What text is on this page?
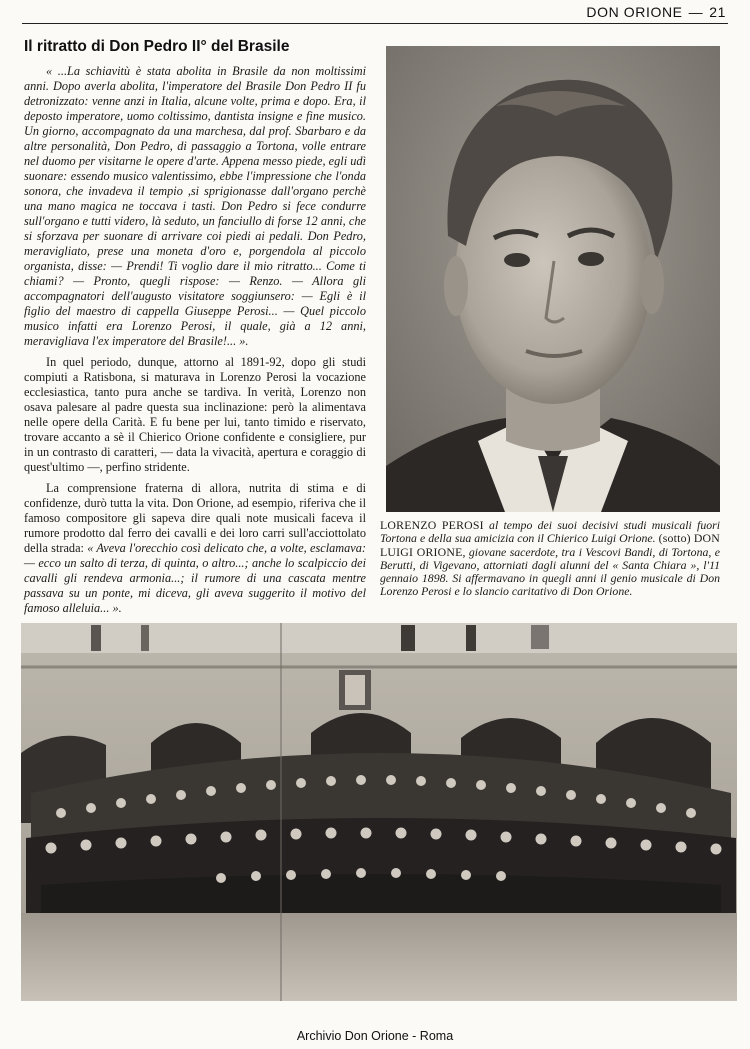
DON ORIONE — 21
Il ritratto di Don Pedro II° del Brasile

« ...La schiavitù è stata abolita in Brasile da non moltissimi anni. Dopo averla abolita, l'imperatore del Brasile Don Pedro II fu detronizzato: venne anzi in Italia, alcune volte, prima e dopo. Era, il deposto imperatore, uomo coltissimo, dantista insigne e fine musico. Un giorno, accompagnato da una marchesa, dal prof. Sbarbaro e da altre personalità, Don Pedro, di passaggio a Tortona, volle entrare nel duomo per visitarne le opere d'arte. Appena messo piede, egli udì suonare: essendo musico valentissimo, ebbe l'impressione che l'onda sonora, che invadeva il tempio ,si sprigionasse dall'organo perchè una mano magica ne toccava i tasti. Don Pedro si fece condurre sull'organo e tutti videro, là seduto, un fanciullo di forse 12 anni, che si sforzava per suonare di arrivare coi piedi ai pedali. Don Pedro, meravigliato, prese una moneta d'oro e, porgendola al piccolo organista, disse: — Prendi! Ti voglio dare il mio ritratto... Come ti chiami? — Pronto, quegli rispose: — Renzo. — Allora gli accompagnatori dell'augusto visitatore soggiunsero: — Egli è il figlio del maestro di cappella Giuseppe Perosi... — Quel piccolo musico infatti era Lorenzo Perosi, il quale, già a 12 anni, meravigliava l'ex imperatore del Brasile!... ».

In quel periodo, dunque, attorno al 1891-92, dopo gli studi compiuti a Ratisbona, si maturava in Lorenzo Perosi la vocazione ecclesiastica, tanto pura anche se tardiva. In verità, Lorenzo non osava palesare al padre questa sua inclinazione: però la alimentava nelle opere della Carità. E fu bene per lui, tanto timido e riservato, trovare accanto a sè il Chierico Orione confidente e consigliere, pur in un contrasto di caratteri, — data la vivacità, apertura e coraggio di quest'ultimo —, perfino stridente.

La comprensione fraterna di allora, nutrita di stima e di confidenze, durò tutta la vita. Don Orione, ad esempio, riferiva che il famoso compositore gli sapeva dire quali note musicali faceva il rumore prodotto dal ferro dei cavalli e dei loro carri sull'acciottolato della strada: « Aveva l'orecchio così delicato che, a volte, esclamava: — ecco un salto di terza, di quinta, o altro...; anche lo scalpiccio dei cavalli gli rendeva armonia...; il rumore di una cascata mentre passava su un ponte, mi diceva, gli aveva suggerito il motivo del famoso alleluia... ».

LORENZO PEROSI al tempo dei suoi decisivi studi musicali fuori Tortona e della sua amicizia con il Chierico Luigi Orione. (sotto) DON LUIGI ORIONE, giovane sacerdote, tra i Vescovi Bandi, di Tortona, e Berutti, di Vigevano, attorniati dagli alunni del « Santa Chiara », l'11 gennaio 1898. Si affermavano in quegli anni il genio musicale di Don Lorenzo Perosi e lo slancio caritativo di Don Orione.
Archivio Don Orione - Roma
